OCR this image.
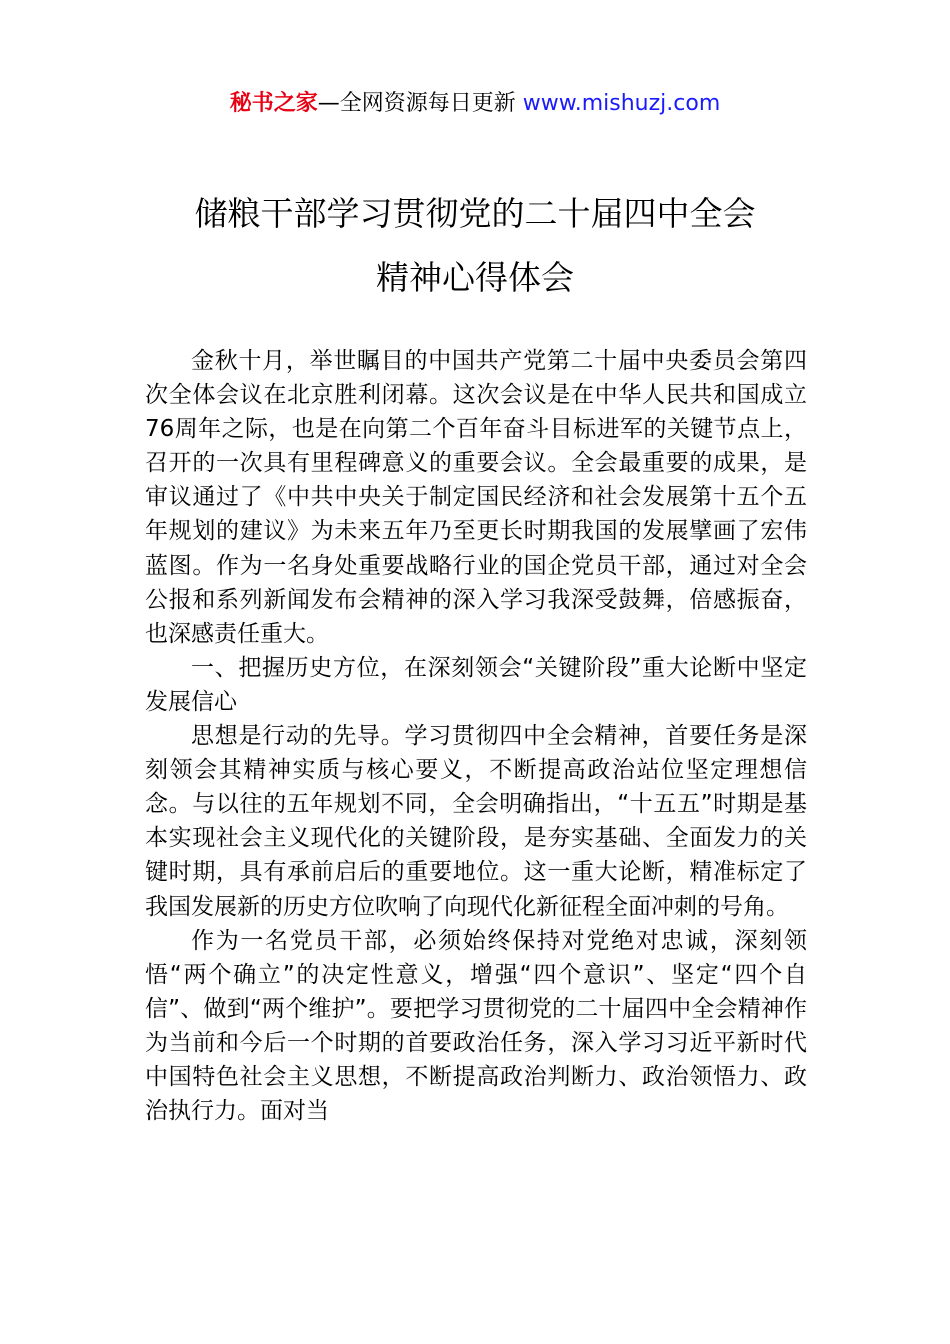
秘书之家—全网资源每日更新 www.mishuzj.com
储粮干部学习贯彻党的二十届四中全会
精神心得体会

金秋十月，举世瞩目的中国共产党第二十届中央委员会第四次全体会议在北京胜利闭幕。这次会议是在中华人民共和国成立76周年之际，也是在向第二个百年奋斗目标进军的关键节点上，召开的一次具有里程碑意义的重要会议。全会最重要的成果，是审议通过了《中共中央关于制定国民经济和社会发展第十五个五年规划的建议》为未来五年乃至更长时期我国的发展擘画了宏伟蓝图。作为一名身处重要战略行业的国企党员干部，通过对全会公报和系列新闻发布会精神的深入学习我深受鼓舞，倍感振奋，也深感责任重大。

一、把握历史方位，在深刻领会“关键阶段”重大论断中坚定发展信心

思想是行动的先导。学习贯彻四中全会精神，首要任务是深刻领会其精神实质与核心要义，不断提高政治站位坚定理想信念。与以往的五年规划不同，全会明确指出，“十五五”时期是基本实现社会主义现代化的关键阶段，是夯实基础、全面发力的关键时期，具有承前启后的重要地位。这一重大论断，精准标定了我国发展新的历史方位吹响了向现代化新征程全面冲刺的号角。

作为一名党员干部，必须始终保持对党绝对忠诚，深刻领悟“两个确立”的决定性意义，增强“四个意识”、坚定“四个自信”、做到“两个维护”。要把学习贯彻党的二十届四中全会精神作为当前和今后一个时期的首要政治任务，深入学习习近平新时代中国特色社会主义思想，不断提高政治判断力、政治领悟力、政治执行力。面对当
